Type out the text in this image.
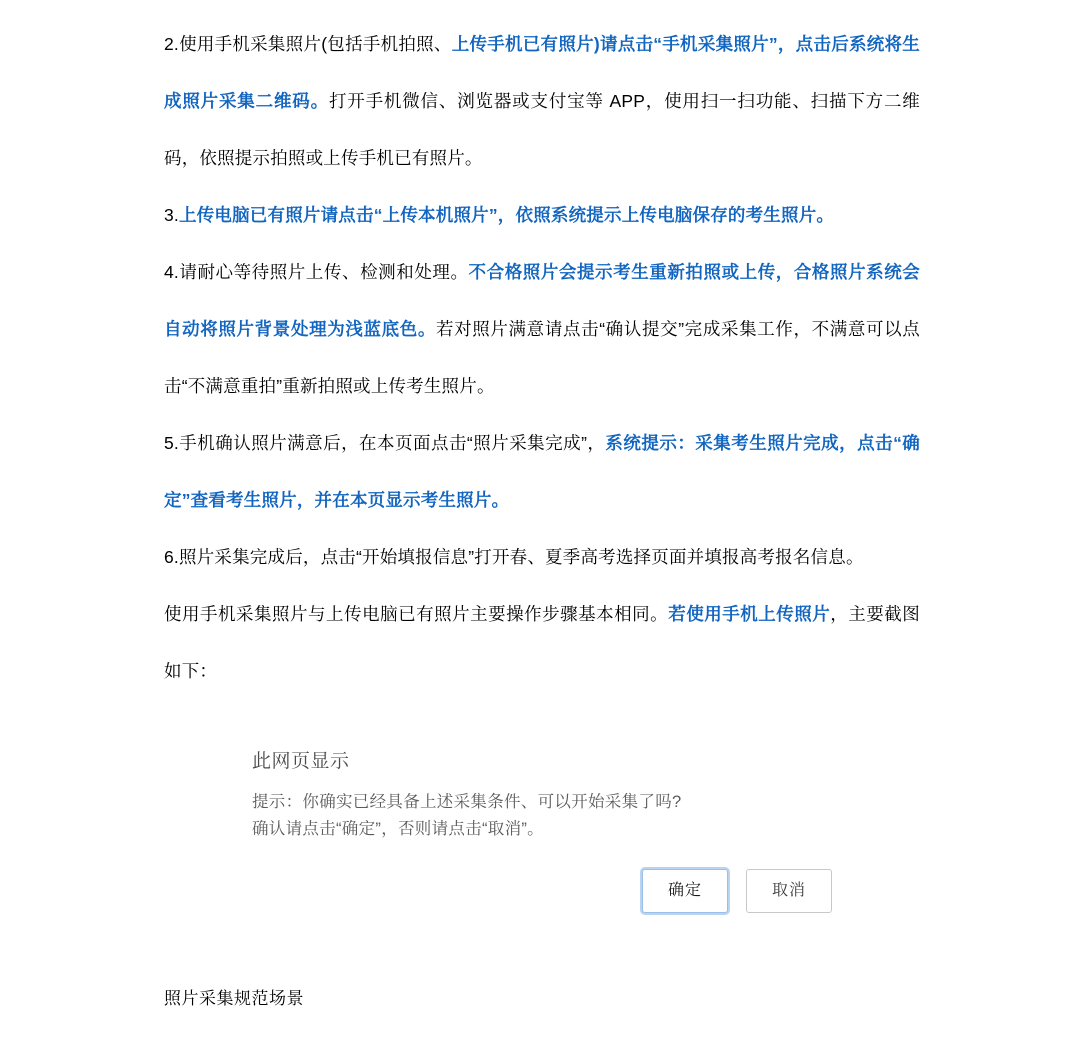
2.使用手机采集照片(包括手机拍照、上传手机已有照片)请点击“手机采集照片”，点击后系统将生成照片采集二维码。打开手机微信、浏览器或支付宝等 APP，使用扫一扫功能、扫描下方二维码，依照提示拍照或上传手机已有照片。

3.上传电脑已有照片请点击“上传本机照片”，依照系统提示上传电脑保存的考生照片。

4.请耐心等待照片上传、检测和处理。不合格照片会提示考生重新拍照或上传，合格照片系统会自动将照片背景处理为浅蓝底色。若对照片满意请点击“确认提交”完成采集工作，不满意可以点击“不满意重拍”重新拍照或上传考生照片。

5.手机确认照片满意后，在本页面点击“照片采集完成”，系统提示：采集考生照片完成，点击“确定”查看考生照片，并在本页显示考生照片。

6.照片采集完成后，点击“开始填报信息”打开春、夏季高考选择页面并填报高考报名信息。

使用手机采集照片与上传电脑已有照片主要操作步骤基本相同。若使用手机上传照片，主要截图如下：

此网页显示
提示：你确实已经具备上述采集条件、可以开始采集了吗?
确认请点击“确定”，否则请点击“取消”。
确定	取消
照片采集规范场景
